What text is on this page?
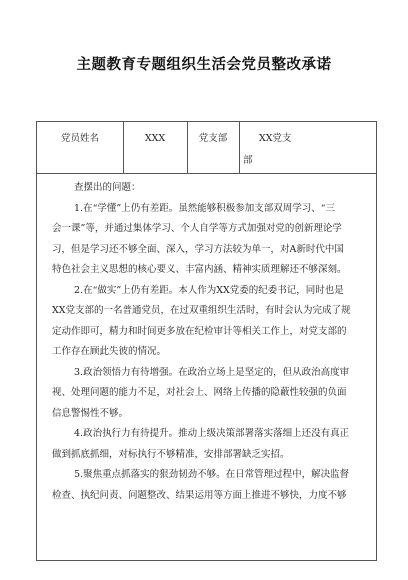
主题教育专题组织生活会党员整改承诺
党员姓名	XXX	党支部	XX党支
部
查摆出的问题：
1.在“学懂”上仍有差距。虽然能够积极参加支部双周学习、“三
会一课”等，并通过集体学习、个人自学等方式加强对党的创新理论学
习，但是学习还不够全面、深入，学习方法较为单一，对A新时代中国
特色社会主义思想的核心要义、丰富内涵、精神实质理解还不够深刻。
2.在“做实”上仍有差距。本人作为XX党委的纪委书记，同时也是
XX党支部的一名普通党员，在过双重组织生活时，有时会认为完成了规
定动作即可，精力和时间更多放在纪检审计等相关工作上，对党支部的
工作存在顾此失彼的情况。
3.政治领悟力有待增强。在政治立场上是坚定的，但从政治高度审
视、处理问题的能力不足，对社会上、网络上传播的隐蔽性较强的负面
信息警惕性不够。
4.政治执行力有待提升。推动上级决策部署落实落细上还没有真正
做到抓底抓细，对标执行不够精准，安排部署缺乏实招。
5.聚焦重点抓落实的狠劲韧劲不够。在日常管理过程中，解决监督
检查、执纪问责、问题整改、结果运用等方面上推进不够快，力度不够
